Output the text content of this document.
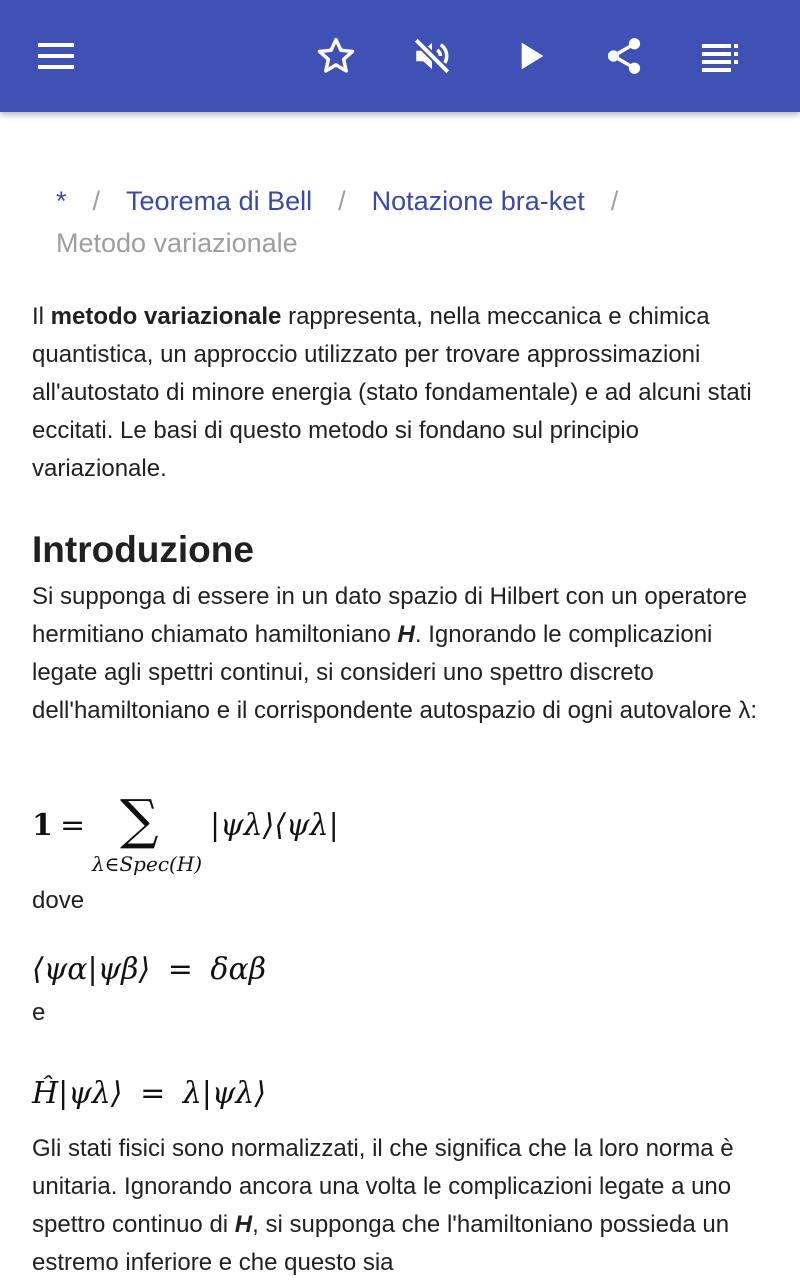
* / Teorema di Bell / Notazione bra-ket /
Metodo variazionale
Il metodo variazionale rappresenta, nella meccanica e chimica quantistica, un approccio utilizzato per trovare approssimazioni all'autostato di minore energia (stato fondamentale) e ad alcuni stati eccitati. Le basi di questo metodo si fondano sul principio variazionale.
Introduzione
Si supponga di essere in un dato spazio di Hilbert con un operatore hermitiano chiamato hamiltoniano H. Ignorando le complicazioni legate agli spettri continui, si consideri uno spettro discreto dell'hamiltoniano e il corrispondente autospazio di ogni autovalore λ:
1 = ∑
λ∈Spec(H)
|ψλ⟩⟨ψλ|
dove
⟨ψα|ψβ⟩ = δαβ
e
Ĥ|ψλ⟩ = λ|ψλ⟩
Gli stati fisici sono normalizzati, il che significa che la loro norma è unitaria. Ignorando ancora una volta le complicazioni legate a uno spettro continuo di H, si supponga che l'hamiltoniano possieda un estremo inferiore e che questo sia
